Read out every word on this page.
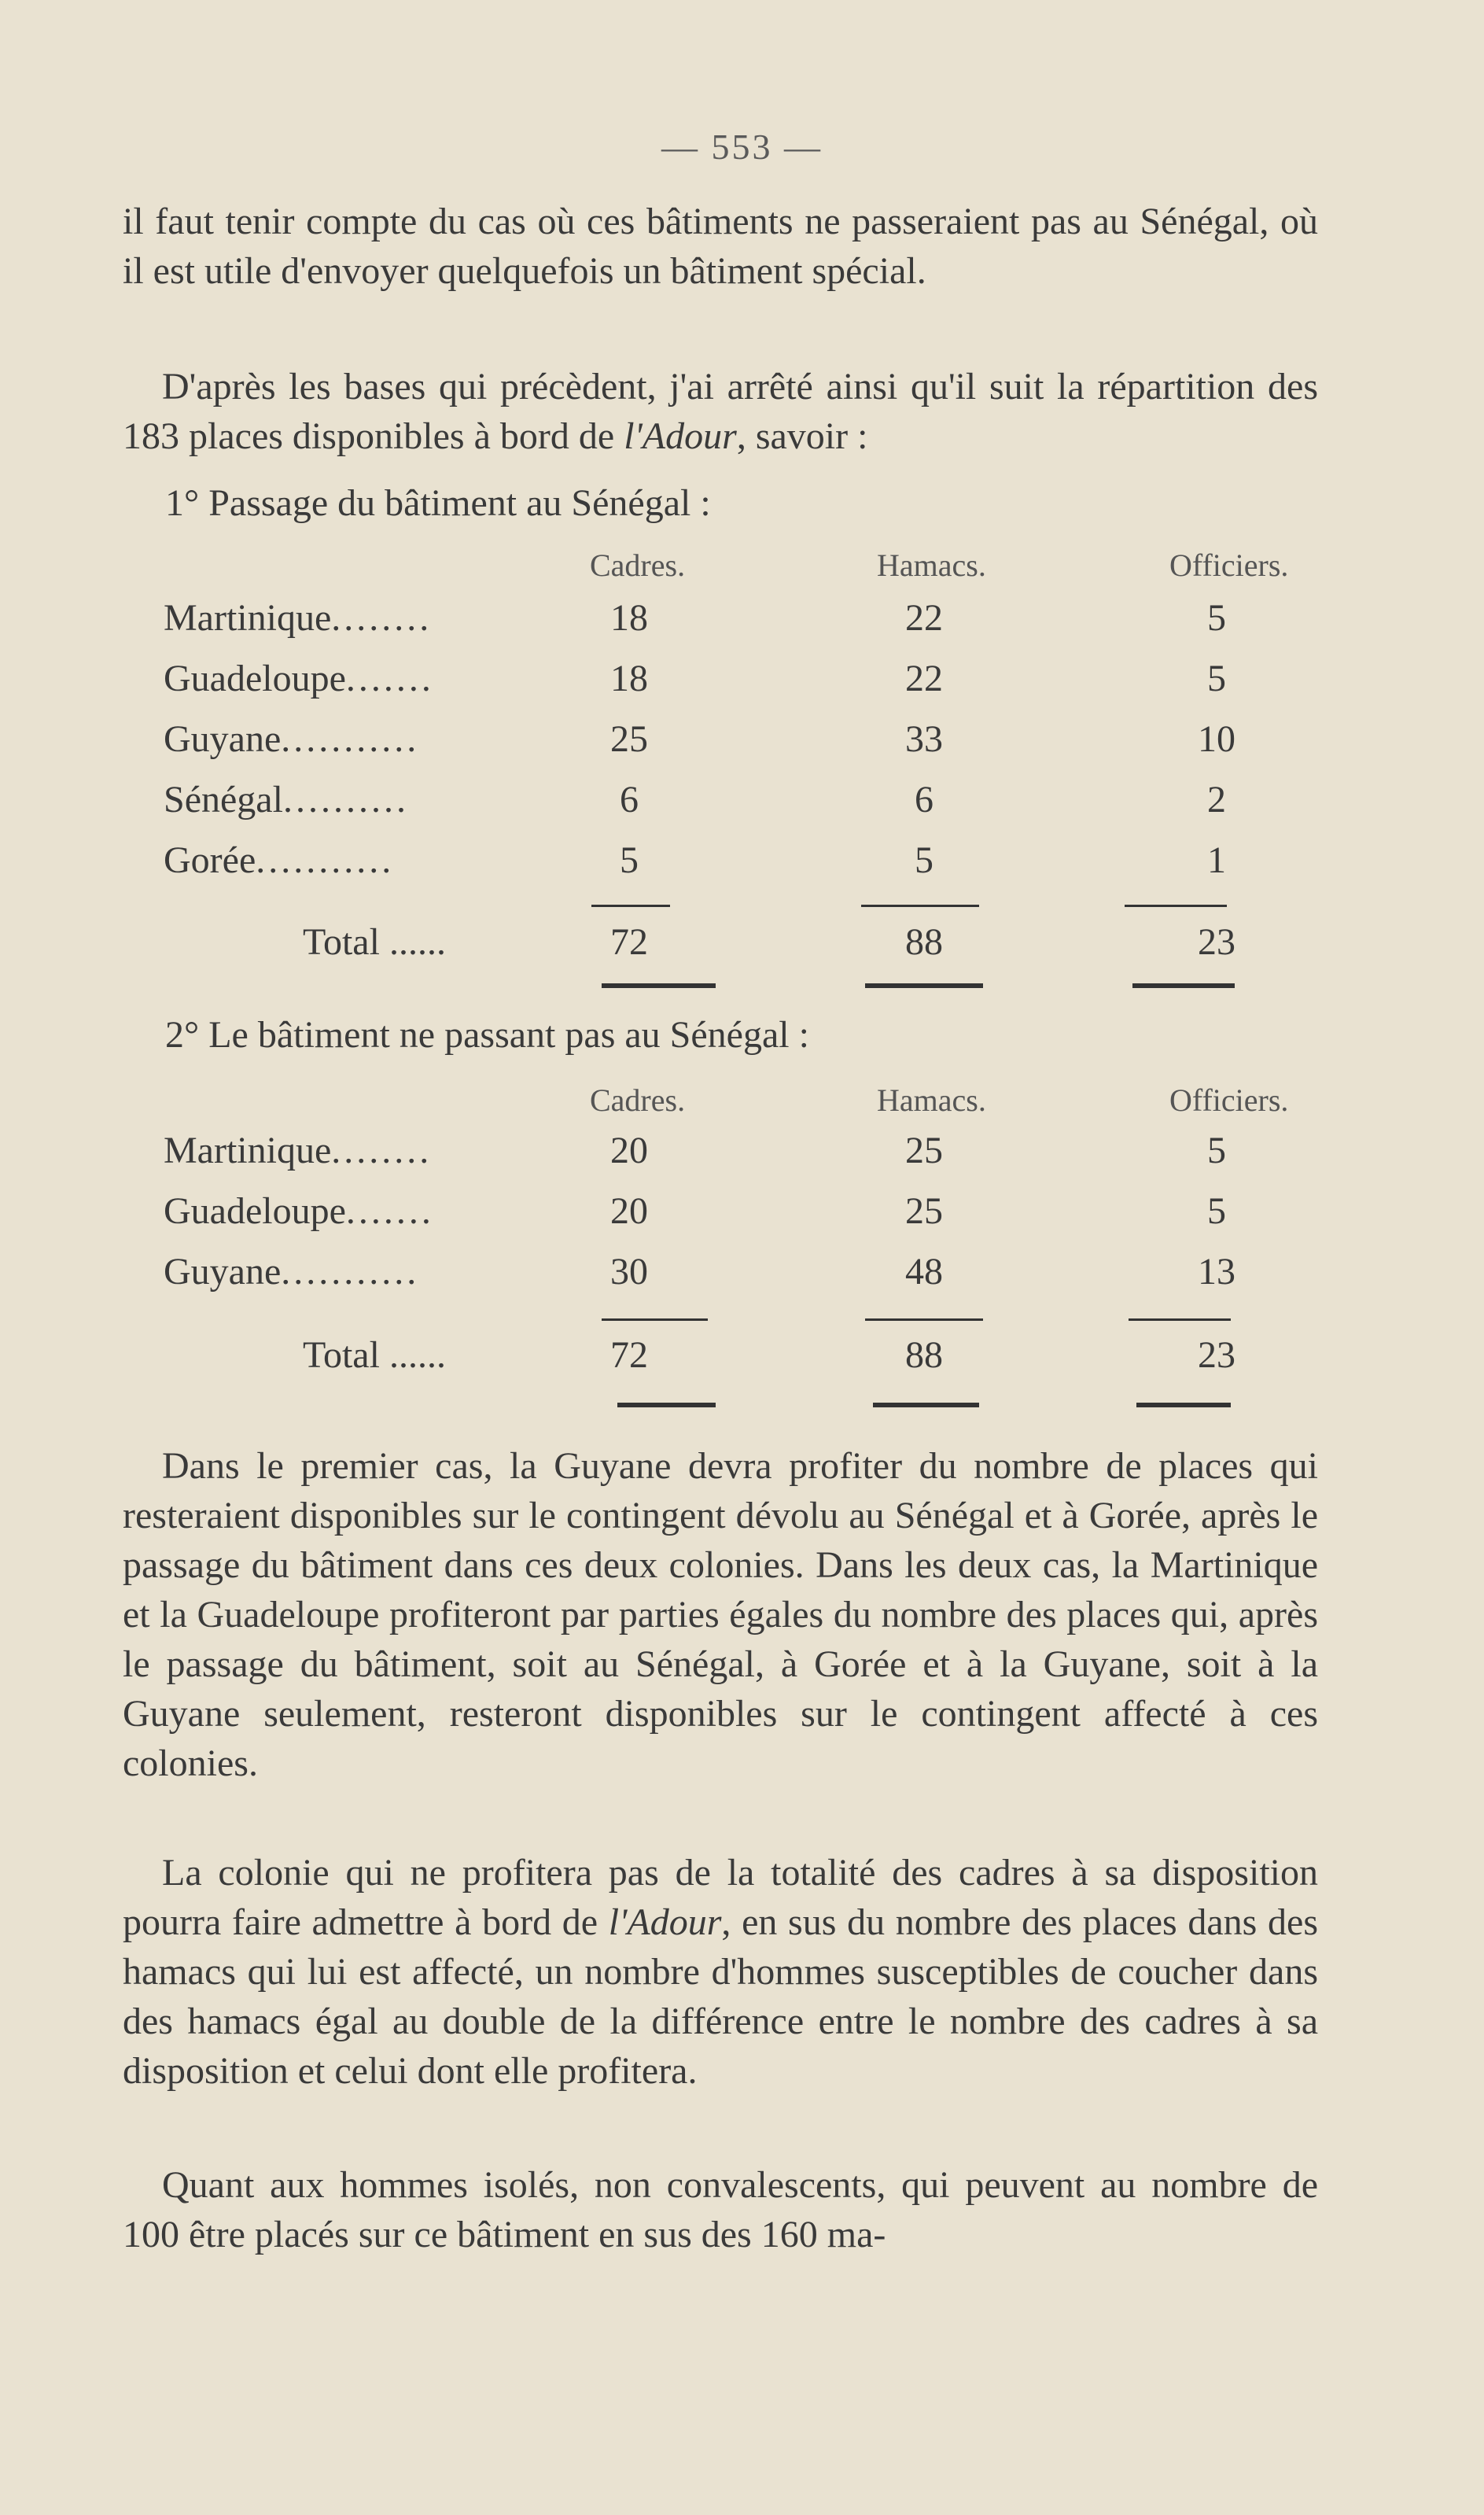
— 553 —

il faut tenir compte du cas où ces bâtiments ne passeraient pas au Sénégal, où il est utile d'envoyer quelquefois un bâtiment spécial.

D'après les bases qui précèdent, j'ai arrêté ainsi qu'il suit la répartition des 183 places disponibles à bord de l'Adour, savoir :

1° Passage du bâtiment au Sénégal :

Cadres.	Hamacs.	Officiers.
Martinique........	18	22	5
Guadeloupe.......	18	22	5
Guyane...........	25	33	10
Sénégal..........	6	6	2
Gorée...........	5	5	1
Total ......	72	88	23

2° Le bâtiment ne passant pas au Sénégal :

Cadres.	Hamacs.	Officiers.
Martinique........	20	25	5
Guadeloupe.......	20	25	5
Guyane...........	30	48	13
Total ......	72	88	23

Dans le premier cas, la Guyane devra profiter du nombre de places qui resteraient disponibles sur le contingent dévolu au Sénégal et à Gorée, après le passage du bâtiment dans ces deux colonies. Dans les deux cas, la Martinique et la Guadeloupe profiteront par parties égales du nombre des places qui, après le passage du bâtiment, soit au Sénégal, à Gorée et à la Guyane, soit à la Guyane seulement, resteront disponibles sur le contingent affecté à ces colonies.

La colonie qui ne profitera pas de la totalité des cadres à sa disposition pourra faire admettre à bord de l'Adour, en sus du nombre des places dans des hamacs qui lui est affecté, un nombre d'hommes susceptibles de coucher dans des hamacs égal au double de la différence entre le nombre des cadres à sa disposition et celui dont elle profitera.

Quant aux hommes isolés, non convalescents, qui peuvent au nombre de 100 être placés sur ce bâtiment en sus des 160 ma-
